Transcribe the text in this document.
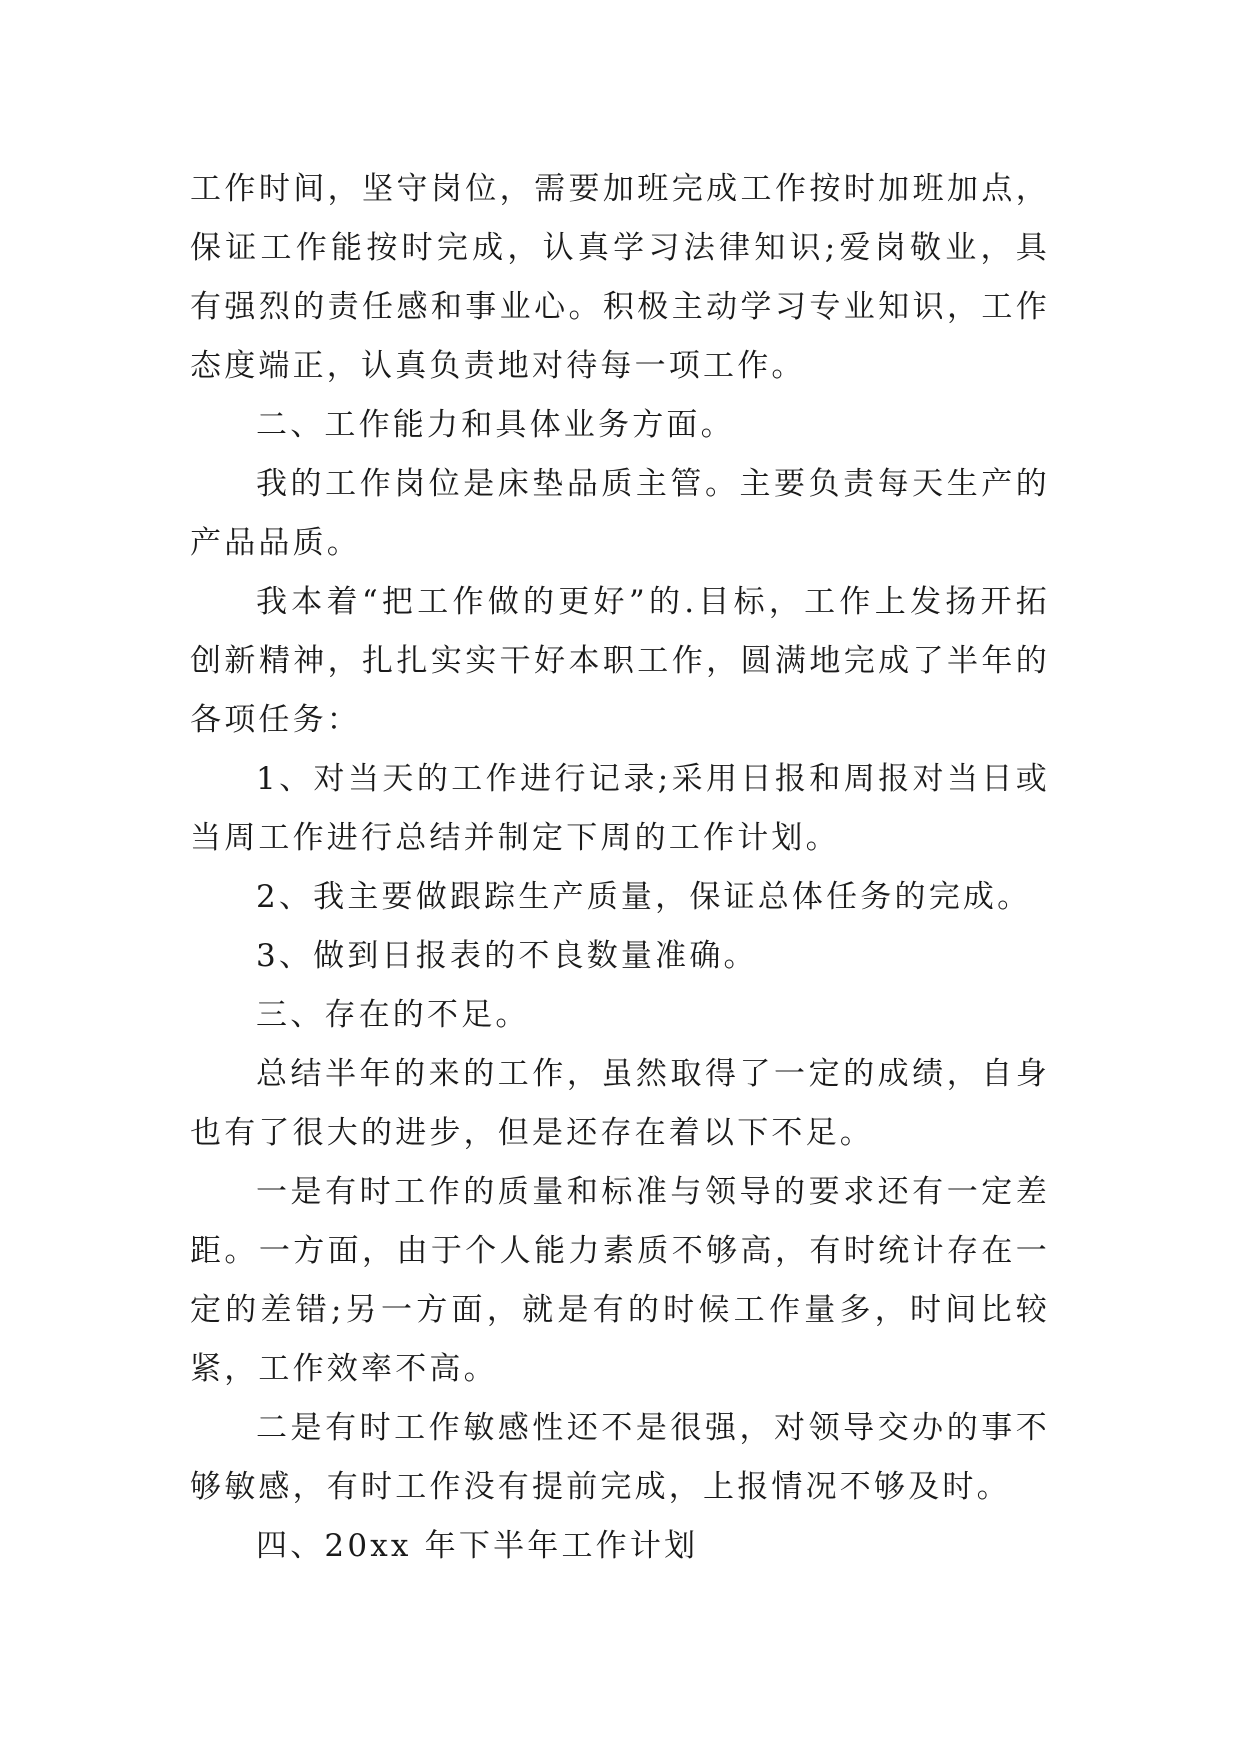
工作时间，坚守岗位，需要加班完成工作按时加班加点，保证工作能按时完成，认真学习法律知识;爱岗敬业，具有强烈的责任感和事业心。积极主动学习专业知识，工作态度端正，认真负责地对待每一项工作。

二、工作能力和具体业务方面。

我的工作岗位是床垫品质主管。主要负责每天生产的产品品质。

我本着“把工作做的更好”的.目标，工作上发扬开拓创新精神，扎扎实实干好本职工作，圆满地完成了半年的各项任务：

1、对当天的工作进行记录;采用日报和周报对当日或当周工作进行总结并制定下周的工作计划。

2、我主要做跟踪生产质量，保证总体任务的完成。

3、做到日报表的不良数量准确。

三、存在的不足。

总结半年的来的工作，虽然取得了一定的成绩，自身也有了很大的进步，但是还存在着以下不足。

一是有时工作的质量和标准与领导的要求还有一定差距。一方面，由于个人能力素质不够高，有时统计存在一定的差错;另一方面，就是有的时候工作量多，时间比较紧，工作效率不高。

二是有时工作敏感性还不是很强，对领导交办的事不够敏感，有时工作没有提前完成，上报情况不够及时。

四、20xx 年下半年工作计划
